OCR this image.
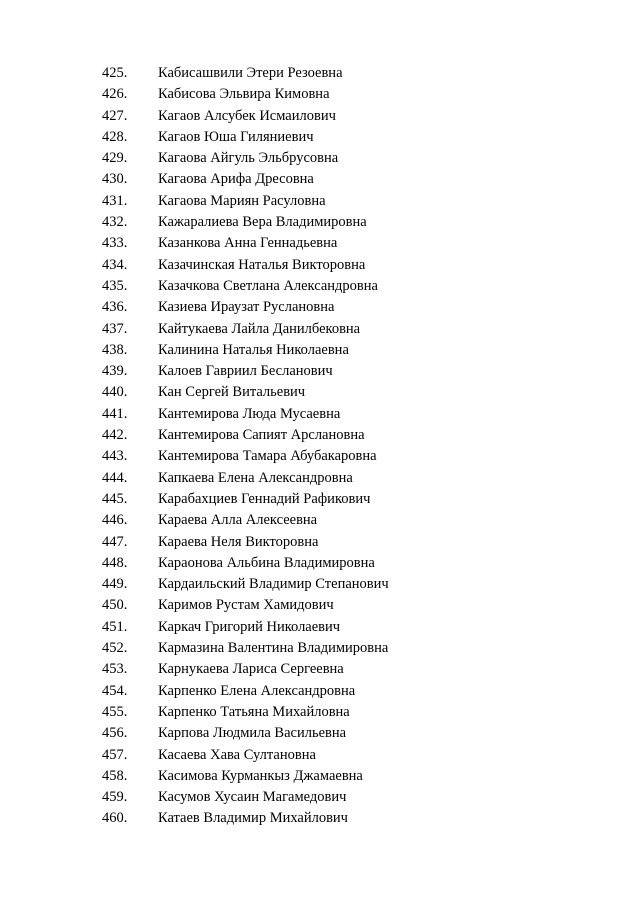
425. Кабисашвили Этери Резоевна
426. Кабисова Эльвира Кимовна
427. Кагаов Алсубек Исмаилович
428. Кагаов Юша Гиляниевич
429. Кагаова Айгуль Эльбрусовна
430. Кагаова Арифа Дресовна
431. Кагаова Мариян Расуловна
432. Кажаралиева Вера Владимировна
433. Казанкова Анна Геннадьевна
434. Казачинская Наталья Викторовна
435. Казачкова Светлана Александровна
436. Казиева Ираузат Руслановна
437. Кайтукаева Лайла Данилбековна
438. Калинина Наталья Николаевна
439. Калоев Гавриил Бесланович
440. Кан Сергей Витальевич
441. Кантемирова Люда Мусаевна
442. Кантемирова Сапият Арслановна
443. Кантемирова Тамара Абубакаровна
444. Капкаева Елена Александровна
445. Карабахциев Геннадий Рафикович
446. Караева Алла Алексеевна
447. Караева Неля Викторовна
448. Караонова Альбина Владимировна
449. Кардаильский Владимир Степанович
450. Каримов Рустам Хамидович
451. Каркач Григорий Николаевич
452. Кармазина Валентина Владимировна
453. Карнукаева Лариса Сергеевна
454. Карпенко Елена Александровна
455. Карпенко Татьяна Михайловна
456. Карпова Людмила Васильевна
457. Касаева Хава Султановна
458. Касимова Курманкыз Джамаевна
459. Касумов Хусаин Магамедович
460. Катаев Владимир Михайлович
